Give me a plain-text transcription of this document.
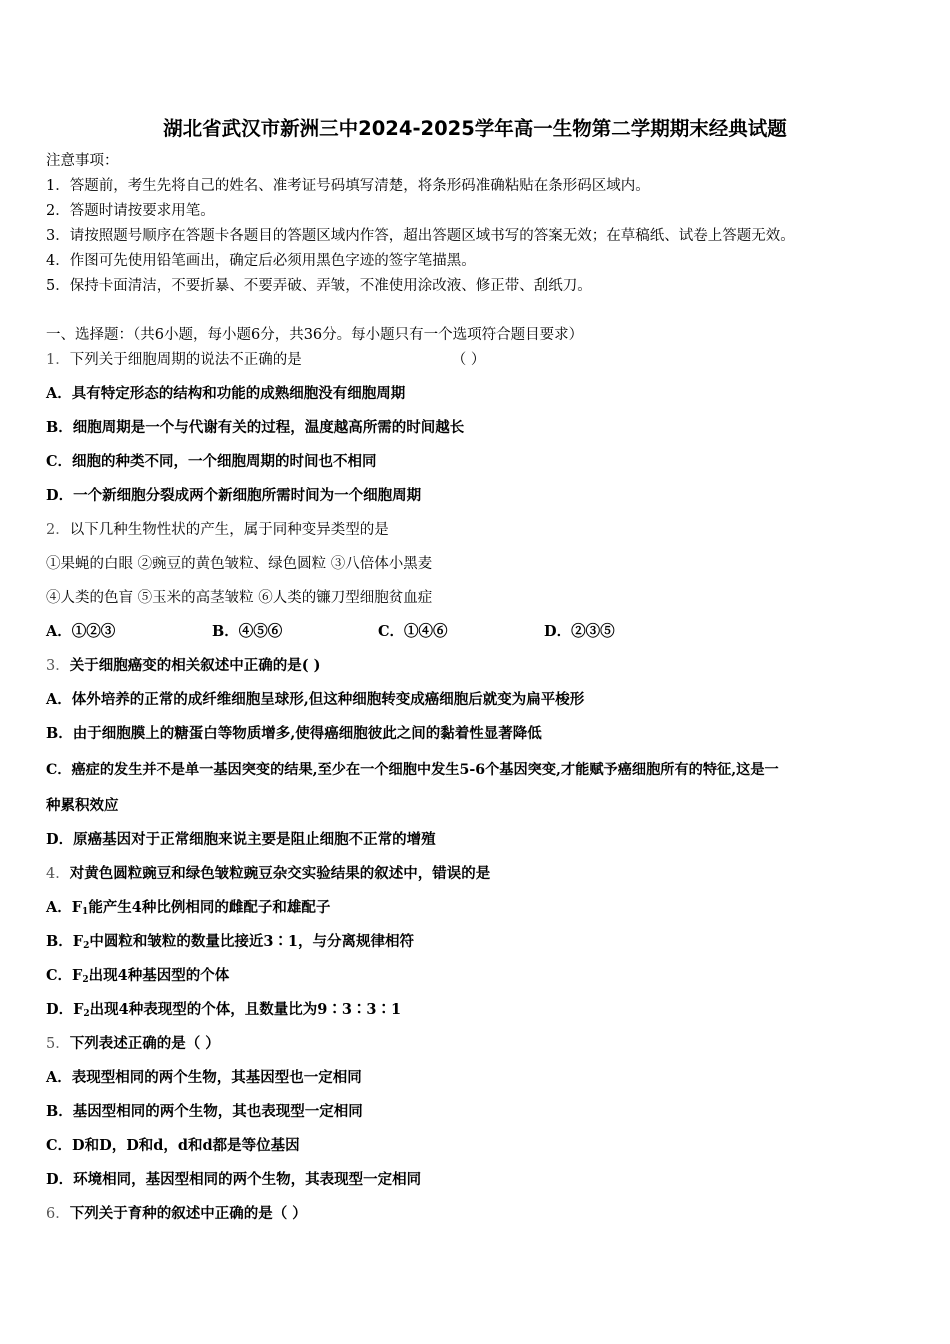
湖北省武汉市新洲三中2024-2025学年高一生物第二学期期末经典试题
注意事项：
1．答题前，考生先将自己的姓名、准考证号码填写清楚，将条形码准确粘贴在条形码区域内。
2．答题时请按要求用笔。
3．请按照题号顺序在答题卡各题目的答题区域内作答，超出答题区域书写的答案无效；在草稿纸、试卷上答题无效。
4．作图可先使用铅笔画出，确定后必须用黑色字迹的签字笔描黑。
5．保持卡面清洁，不要折暴、不要弄破、弄皱，不准使用涂改液、修正带、刮纸刀。
一、选择题：（共6小题，每小题6分，共36分。每小题只有一个选项符合题目要求）
1．下列关于细胞周期的说法不正确的是	（ ）
A．具有特定形态的结构和功能的成熟细胞没有细胞周期
B．细胞周期是一个与代谢有关的过程，温度越高所需的时间越长
C．细胞的种类不同，一个细胞周期的时间也不相同
D．一个新细胞分裂成两个新细胞所需时间为一个细胞周期
2．以下几种生物性状的产生，属于同种变异类型的是
①果蝇的白眼 ②豌豆的黄色皱粒、绿色圆粒 ③八倍体小黑麦
④人类的色盲 ⑤玉米的高茎皱粒 ⑥人类的镰刀型细胞贫血症
A．①②③	B．④⑤⑥	C．①④⑥	D．②③⑤
3．关于细胞癌变的相关叙述中正确的是( )
A．体外培养的正常的成纤维细胞呈球形,但这种细胞转变成癌细胞后就变为扁平梭形
B．由于细胞膜上的糖蛋白等物质增多,使得癌细胞彼此之间的黏着性显著降低
C．癌症的发生并不是单一基因突变的结果,至少在一个细胞中发生5-6个基因突变,才能赋予癌细胞所有的特征,这是一
种累积效应
D．原癌基因对于正常细胞来说主要是阻止细胞不正常的增殖
4．对黄色圆粒豌豆和绿色皱粒豌豆杂交实验结果的叙述中，错误的是
A．$F_1$能产生4种比例相同的雌配子和雄配子
B．$F_2$中圆粒和皱粒的数量比接近3∶1，与分离规律相符
C．$F_2$出现4种基因型的个体
D．$F_2$出现4种表现型的个体，且数量比为9∶3∶3∶1
5．下列表述正确的是（ ）
A．表现型相同的两个生物，其基因型也一定相同
B．基因型相同的两个生物，其也表现型一定相同
C．D和D，D和d，d和d都是等位基因
D．环境相同，基因型相同的两个生物，其表现型一定相同
6．下列关于育种的叙述中正确的是（ ）
